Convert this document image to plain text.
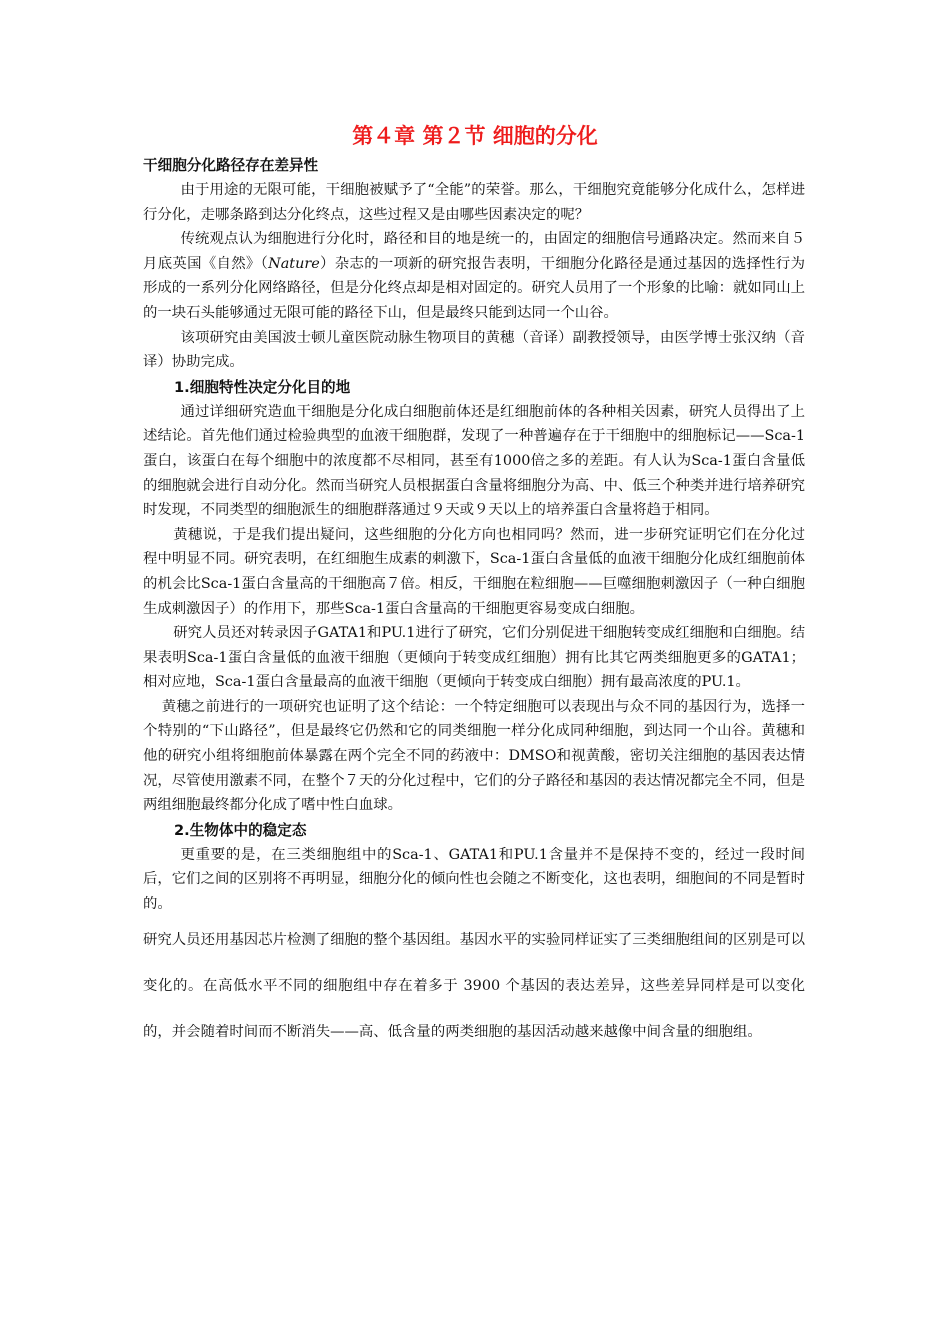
第４章 第２节 细胞的分化
干细胞分化路径存在差异性

由于用途的无限可能，干细胞被赋予了“全能”的荣誉。那么，干细胞究竟能够分化成什么，怎样进行分化，走哪条路到达分化终点，这些过程又是由哪些因素决定的呢？

传统观点认为细胞进行分化时，路径和目的地是统一的，由固定的细胞信号通路决定。然而来自５月底英国《自然》（Nature）杂志的一项新的研究报告表明，干细胞分化路径是通过基因的选择性行为形成的一系列分化网络路径，但是分化终点却是相对固定的。研究人员用了一个形象的比喻：就如同山上的一块石头能够通过无限可能的路径下山，但是最终只能到达同一个山谷。

该项研究由美国波士顿儿童医院动脉生物项目的黄穗（音译）副教授领导，由医学博士张汉纳（音译）协助完成。

1.细胞特性决定分化目的地

通过详细研究造血干细胞是分化成白细胞前体还是红细胞前体的各种相关因素，研究人员得出了上述结论。首先他们通过检验典型的血液干细胞群，发现了一种普遍存在于干细胞中的细胞标记——Sca-1蛋白，该蛋白在每个细胞中的浓度都不尽相同，甚至有1000倍之多的差距。有人认为Sca-1蛋白含量低的细胞就会进行自动分化。然而当研究人员根据蛋白含量将细胞分为高、中、低三个种类并进行培养研究时发现，不同类型的细胞派生的细胞群落通过９天或９天以上的培养蛋白含量将趋于相同。

黄穗说，于是我们提出疑问，这些细胞的分化方向也相同吗？然而，进一步研究证明它们在分化过程中明显不同。研究表明，在红细胞生成素的刺激下，Sca-1蛋白含量低的血液干细胞分化成红细胞前体的机会比Sca-1蛋白含量高的干细胞高７倍。相反，干细胞在粒细胞——巨噬细胞刺激因子（一种白细胞生成刺激因子）的作用下，那些Sca-1蛋白含量高的干细胞更容易变成白细胞。

研究人员还对转录因子GATA1和PU.1进行了研究，它们分别促进干细胞转变成红细胞和白细胞。结果表明Sca-1蛋白含量低的血液干细胞（更倾向于转变成红细胞）拥有比其它两类细胞更多的GATA1；相对应地，Sca-1蛋白含量最高的血液干细胞（更倾向于转变成白细胞）拥有最高浓度的PU.1。

黄穗之前进行的一项研究也证明了这个结论：一个特定细胞可以表现出与众不同的基因行为，选择一个特别的“下山路径”，但是最终它仍然和它的同类细胞一样分化成同种细胞，到达同一个山谷。黄穗和他的研究小组将细胞前体暴露在两个完全不同的药液中：DMSO和视黄酸，密切关注细胞的基因表达情况，尽管使用激素不同，在整个７天的分化过程中，它们的分子路径和基因的表达情况都完全不同，但是两组细胞最终都分化成了嗜中性白血球。

2.生物体中的稳定态

更重要的是，在三类细胞组中的Sca-1、GATA1和PU.1含量并不是保持不变的，经过一段时间后，它们之间的区别将不再明显，细胞分化的倾向性也会随之不断变化，这也表明，细胞间的不同是暂时的。

研究人员还用基因芯片检测了细胞的整个基因组。基因水平的实验同样证实了三类细胞组间的区别是可以变化的。在高低水平不同的细胞组中存在着多于 3900 个基因的表达差异，这些差异同样是可以变化的，并会随着时间而不断消失——高、低含量的两类细胞的基因活动越来越像中间含量的细胞组。
